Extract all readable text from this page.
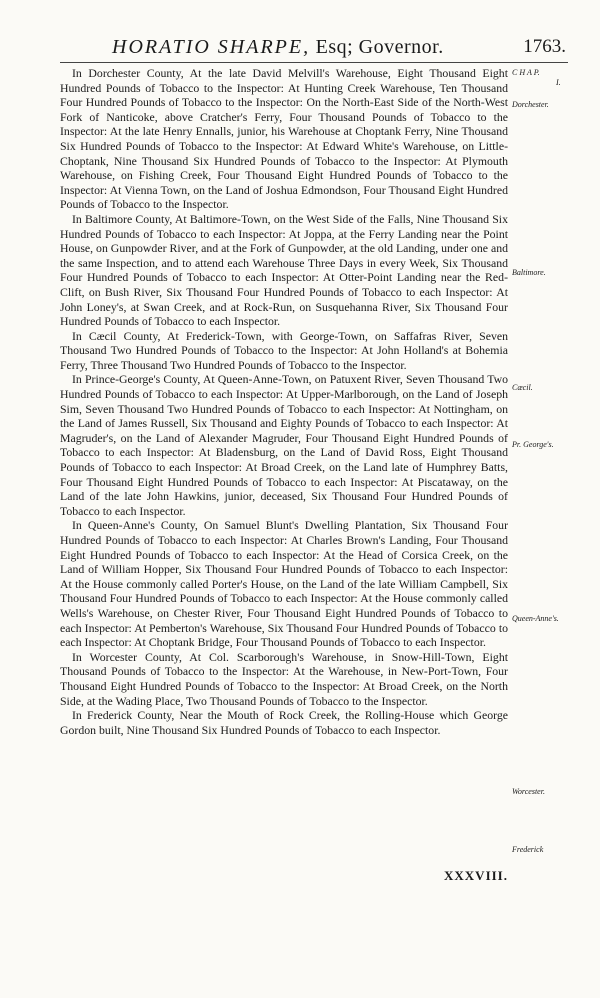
HORATIO SHARPE, Esq; Governor.	1763.
C H A P.
I.
Dorchester.
Baltimore.
Cæcil.
Pr. George's.
Queen-Anne's.
Worcester.
Frederick

In Dorchester County, At the late David Melvill's Warehouse, Eight Thousand Eight Hundred Pounds of Tobacco to the Inspector: At Hunting Creek Warehouse, Ten Thousand Four Hundred Pounds of Tobacco to the Inspector: On the North-East Side of the North-West Fork of Nanticoke, above Cratcher's Ferry, Four Thousand Pounds of Tobacco to the Inspector: At the late Henry Ennalls, junior, his Warehouse at Choptank Ferry, Nine Thousand Six Hundred Pounds of Tobacco to the Inspector: At Edward White's Warehouse, on Little-Choptank, Nine Thousand Six Hundred Pounds of Tobacco to the Inspector: At Plymouth Warehouse, on Fishing Creek, Four Thousand Eight Hundred Pounds of Tobacco to the Inspector: At Vienna Town, on the Land of Joshua Edmondson, Four Thousand Eight Hundred Pounds of Tobacco to the Inspector.

In Baltimore County, At Baltimore-Town, on the West Side of the Falls, Nine Thousand Six Hundred Pounds of Tobacco to each Inspector: At Joppa, at the Ferry Landing near the Point House, on Gunpowder River, and at the Fork of Gunpowder, at the old Landing, under one and the same Inspection, and to attend each Warehouse Three Days in every Week, Six Thousand Four Hundred Pounds of Tobacco to each Inspector: At Otter-Point Landing near the Red-Clift, on Bush River, Six Thousand Four Hundred Pounds of Tobacco to each Inspector: At John Loney's, at Swan Creek, and at Rock-Run, on Susquehanna River, Six Thousand Four Hundred Pounds of Tobacco to each Inspector.

In Cæcil County, At Frederick-Town, with George-Town, on Saffafras River, Seven Thousand Two Hundred Pounds of Tobacco to the Inspector: At John Holland's at Bohemia Ferry, Three Thousand Two Hundred Pounds of Tobacco to the Inspector.

In Prince-George's County, At Queen-Anne-Town, on Patuxent River, Seven Thousand Two Hundred Pounds of Tobacco to each Inspector: At Upper-Marlborough, on the Land of Joseph Sim, Seven Thousand Two Hundred Pounds of Tobacco to each Inspector: At Nottingham, on the Land of James Russell, Six Thousand and Eighty Pounds of Tobacco to each Inspector: At Magruder's, on the Land of Alexander Magruder, Four Thousand Eight Hundred Pounds of Tobacco to each Inspector: At Bladensburg, on the Land of David Ross, Eight Thousand Pounds of Tobacco to each Inspector: At Broad Creek, on the Land late of Humphrey Batts, Four Thousand Eight Hundred Pounds of Tobacco to each Inspector: At Piscataway, on the Land of the late John Hawkins, junior, deceased, Six Thousand Four Hundred Pounds of Tobacco to each Inspector.

In Queen-Anne's County, On Samuel Blunt's Dwelling Plantation, Six Thousand Four Hundred Pounds of Tobacco to each Inspector: At Charles Brown's Landing, Four Thousand Eight Hundred Pounds of Tobacco to each Inspector: At the Head of Corsica Creek, on the Land of William Hopper, Six Thousand Four Hundred Pounds of Tobacco to each Inspector: At the House commonly called Porter's House, on the Land of the late William Campbell, Six Thousand Four Hundred Pounds of Tobacco to each Inspector: At the House commonly called Wells's Warehouse, on Chester River, Four Thousand Eight Hundred Pounds of Tobacco to each Inspector: At Pemberton's Warehouse, Six Thousand Four Hundred Pounds of Tobacco to each Inspector: At Choptank Bridge, Four Thousand Pounds of Tobacco to each Inspector.

In Worcester County, At Col. Scarborough's Warehouse, in Snow-Hill-Town, Eight Thousand Pounds of Tobacco to the Inspector: At the Warehouse, in New-Port-Town, Four Thousand Eight Hundred Pounds of Tobacco to the Inspector: At Broad Creek, on the North Side, at the Wading Place, Two Thousand Pounds of Tobacco to the Inspector.

In Frederick County, Near the Mouth of Rock Creek, the Rolling-House which George Gordon built, Nine Thousand Six Hundred Pounds of Tobacco to each Inspector.

XXXVIII.
